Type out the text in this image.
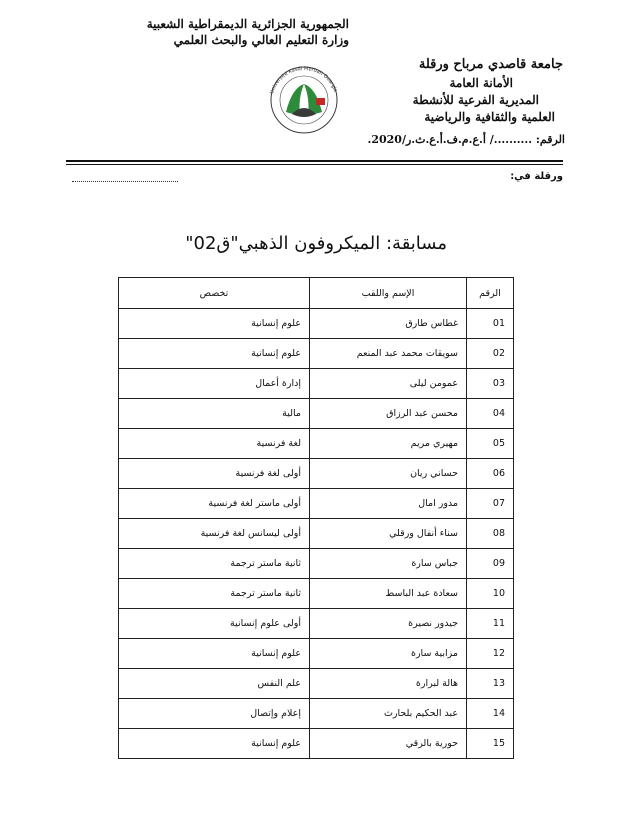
الجمهورية الجزائرية الديمقراطية الشعبية
وزارة التعليم العالي والبحث العلمي
جامعة قاصدي مرباح ورقلة
الأمانة العامة
المديرية الفرعية للأنشطة
العلمية والثقافية والرياضية
الرقم: ........../ أ.ع.م.ف.أ.ع.ث.ر/2020.
Université Kasdi Merbah Ouargla
ورقلة في:
مسابقة: الميكروفون الذهبي"ق02"
الرقم	الإسم واللقب	تخصص
01	غطاس طارق	علوم إنسانية
02	سويقات محمد عبد المنعم	علوم إنسانية
03	عمومن ليلى	إدارة أعمال
04	محسن عبد الرزاق	مالية
05	مهيري مريم	لغة فرنسية
06	حساني ريان	أولى لغة فرنسية
07	مدور امال	أولى ماستر لغة فرنسية
08	سناء أنفال ورقلي	أولى ليسانس لغة فرنسية
09	جباس سارة	ثانية ماستر ترجمة
10	سعادة عبد الباسط	ثانية ماستر ترجمة
11	جيدور نصيرة	أولى علوم إنسانية
12	مزابية سارة	علوم إنسانية
13	هالة لبرارة	علم النفس
14	عبد الحكيم بلحارث	إعلام وإتصال
15	حورية بالرقي	علوم إنسانية
